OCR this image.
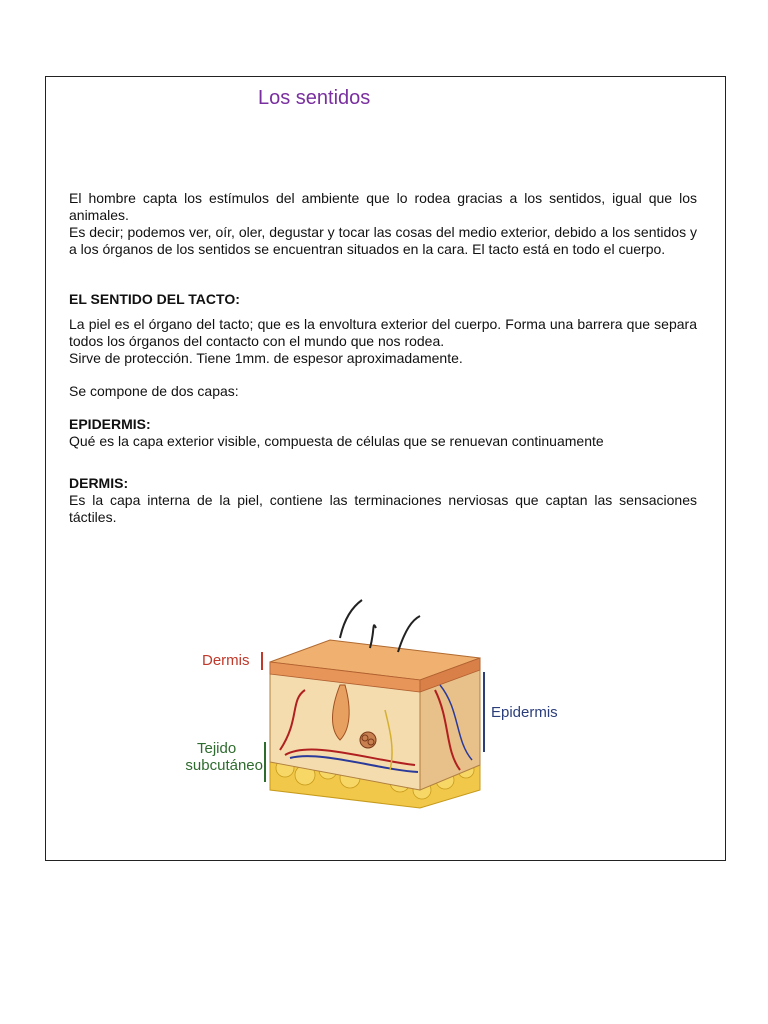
Los sentidos
El hombre capta los estímulos del ambiente que lo rodea gracias a los sentidos, igual que los animales.
Es decir; podemos ver, oír, oler, degustar y tocar las cosas del medio exterior, debido a los sentidos y a los órganos de los sentidos se encuentran situados en la cara. El tacto está en todo el cuerpo.
EL SENTIDO DEL TACTO:
La piel es el órgano del tacto; que es la envoltura exterior del cuerpo. Forma una barrera que separa todos los órganos del contacto con el mundo que nos rodea.
Sirve de protección. Tiene 1mm. de espesor aproximadamente.
Se compone de dos capas:
EPIDERMIS:
Qué es la capa exterior visible, compuesta de células que se renuevan continuamente
DERMIS:
Es la capa interna de la piel, contiene las terminaciones nerviosas que captan las sensaciones táctiles.
Dermis
Tejido
subcutáneo
Epidermis
